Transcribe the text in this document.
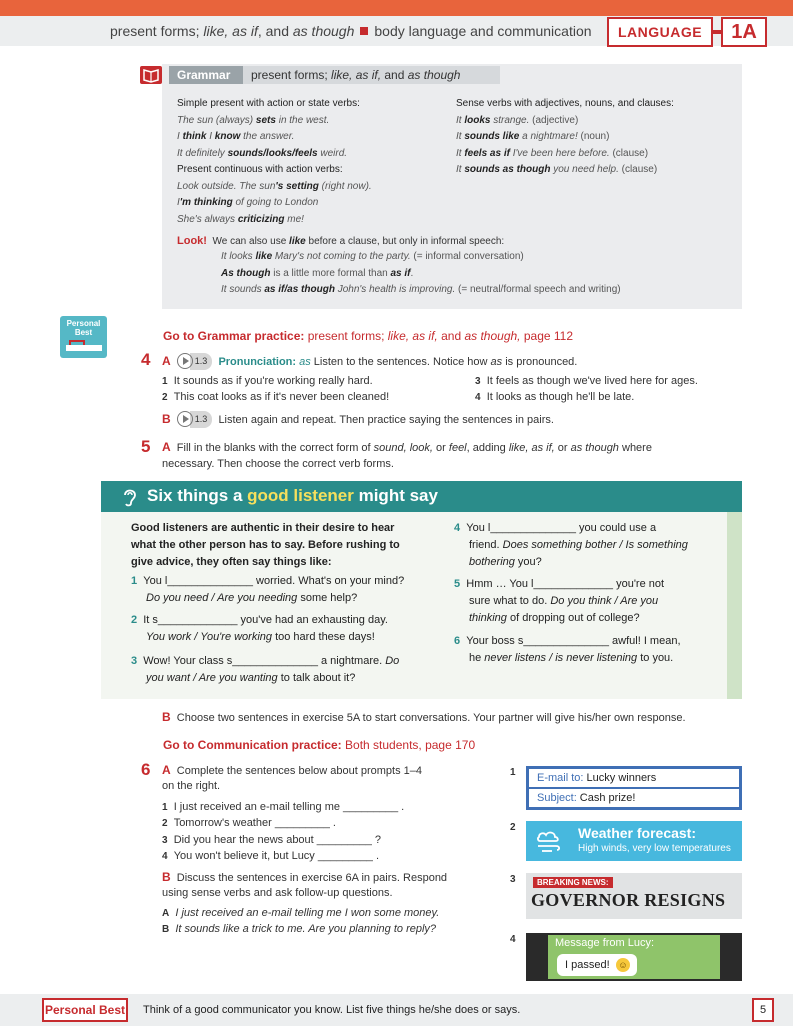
present forms; like, as if, and as though body language and communication	LANGUAGE	1A
Grammar	present forms; like, as if, and as though
Simple present with action or state verbs:
The sun (always) sets in the west.
I think I know the answer.
It definitely sounds/looks/feels weird.
Present continuous with action verbs:
Look outside. The sun's setting (right now).
I'm thinking of going to London
She's always criticizing me!
Sense verbs with adjectives, nouns, and clauses:
It looks strange. (adjective)
It sounds like a nightmare! (noun)
It feels as if I've been here before. (clause)
It sounds as though you need help. (clause)
Look! We can also use like before a clause, but only in informal speech:
It looks like Mary's not coming to the party. (= informal conversation)
As though is a little more formal than as if.
It sounds as if/as though John's health is improving. (= neutral/formal speech and writing)
Personal
Best	Go to Grammar practice: present forms; like, as if, and as though, page 112
4 A	1.3 Pronunciation: as Listen to the sentences. Notice how as is pronounced.
1 It sounds as if you're working really hard.
2 This coat looks as if it's never been cleaned!
3 It feels as though we've lived here for ages.
4 It looks as though he'll be late.
B	1.3 Listen again and repeat. Then practice saying the sentences in pairs.
5 A Fill in the blanks with the correct form of sound, look, or feel, adding like, as if, or as though where
necessary. Then choose the correct verb forms.
Six things a good listener might say
Good listeners are authentic in their desire to hear
what the other person has to say. Before rushing to
give advice, they often say things like:
1 You l______________ worried. What's on your mind?
Do you need / Are you needing some help?
2 It s_____________ you've had an exhausting day.
You work / You're working too hard these days!
3 Wow! Your class s______________ a nightmare. Do
you want / Are you wanting to talk about it?
4 You l______________ you could use a
friend. Does something bother / Is something
bothering you?
5 Hmm … You l_____________ you're not
sure what to do. Do you think / Are you
thinking of dropping out of college?
6 Your boss s______________ awful! I mean,
he never listens / is never listening to you.
B Choose two sentences in exercise 5A to start conversations. Your partner will give his/her own response.
Go to Communication practice: Both students, page 170
6 A Complete the sentences below about prompts 1–4
on the right.
1 I just received an e-mail telling me _________ .
2 Tomorrow's weather _________ .
3 Did you hear the news about _________ ?
4 You won't believe it, but Lucy _________ .
B Discuss the sentences in exercise 6A in pairs. Respond
using sense verbs and ask follow-up questions.
A I just received an e-mail telling me I won some money.
B It sounds like a trick to me. Are you planning to reply?
1	E-mail to: Lucky winners
Subject: Cash prize!
2	Weather forecast:
High winds, very low temperatures
3	BREAKING NEWS:
GOVERNOR RESIGNS
4	Message from Lucy:
I passed! ☺
Personal Best Think of a good communicator you know. List five things he/she does or says.	5
